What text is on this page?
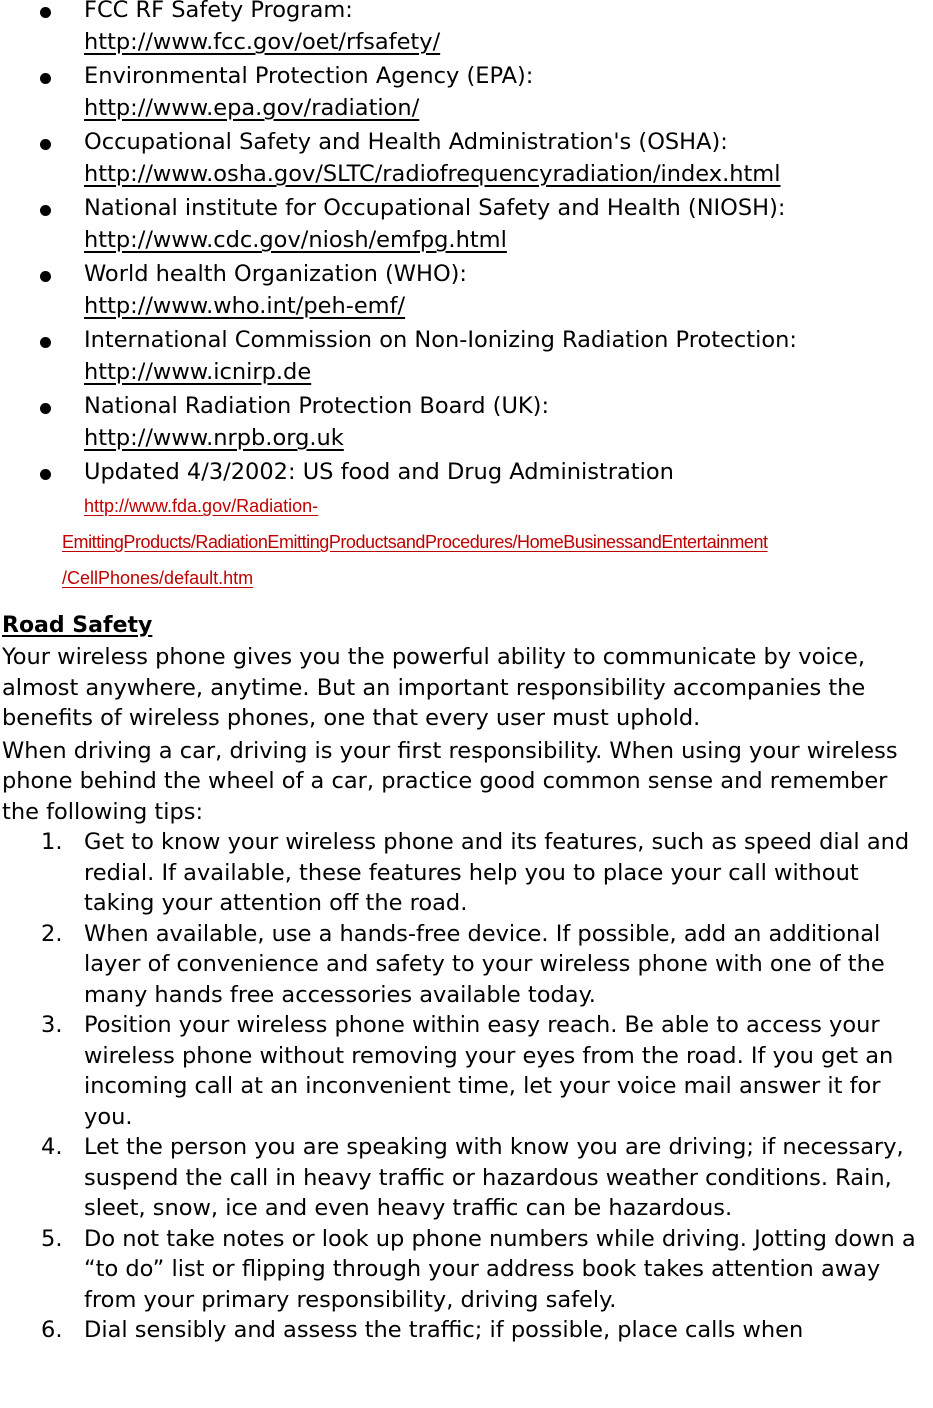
FCC RF Safety Program:
http://www.fcc.gov/oet/rfsafety/
Environmental Protection Agency (EPA):
http://www.epa.gov/radiation/
Occupational Safety and Health Administration's (OSHA):
http://www.osha.gov/SLTC/radiofrequencyradiation/index.html
National institute for Occupational Safety and Health (NIOSH):
http://www.cdc.gov/niosh/emfpg.html
World health Organization (WHO):
http://www.who.int/peh-emf/
International Commission on Non-Ionizing Radiation Protection:
http://www.icnirp.de
National Radiation Protection Board (UK):
http://www.nrpb.org.uk
Updated 4/3/2002: US food and Drug Administration
http://www.fda.gov/Radiation-
EmittingProducts/RadiationEmittingProductsandProcedures/HomeBusinessandEntertainment
/CellPhones/default.htm
Road Safety

Your wireless phone gives you the powerful ability to communicate by voice, almost anywhere, anytime. But an important responsibility accompanies the benefits of wireless phones, one that every user must uphold.

When driving a car, driving is your first responsibility. When using your wireless phone behind the wheel of a car, practice good common sense and remember the following tips:

1. Get to know your wireless phone and its features, such as speed dial and redial. If available, these features help you to place your call without taking your attention off the road.
2. When available, use a hands-free device. If possible, add an additional layer of convenience and safety to your wireless phone with one of the many hands free accessories available today.
3. Position your wireless phone within easy reach. Be able to access your wireless phone without removing your eyes from the road. If you get an incoming call at an inconvenient time, let your voice mail answer it for you.
4. Let the person you are speaking with know you are driving; if necessary, suspend the call in heavy traffic or hazardous weather conditions. Rain, sleet, snow, ice and even heavy traffic can be hazardous.
5. Do not take notes or look up phone numbers while driving. Jotting down a “to do” list or flipping through your address book takes attention away from your primary responsibility, driving safely.
6. Dial sensibly and assess the traffic; if possible, place calls when
